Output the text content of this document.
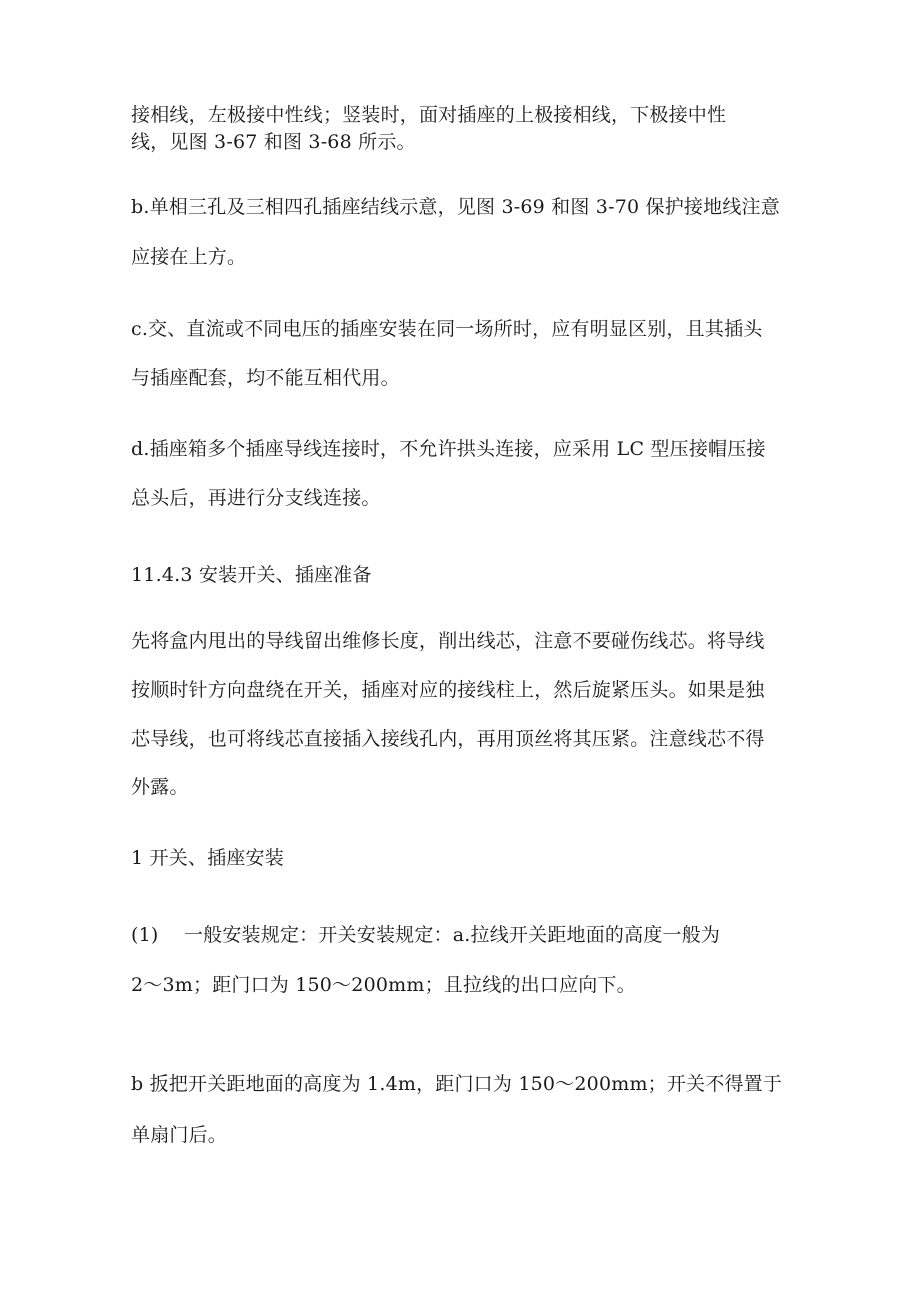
接相线，左极接中性线；竖装时，面对插座的上极接相线，下极接中性
线，见图 3-67 和图 3-68 所示。
b.单相三孔及三相四孔插座结线示意，见图 3-69 和图 3-70 保护接地线注意
应接在上方。
c.交、直流或不同电压的插座安装在同一场所时，应有明显区别，且其插头
与插座配套，均不能互相代用。
d.插座箱多个插座导线连接时，不允许拱头连接，应采用 LC 型压接帽压接
总头后，再进行分支线连接。
11.4.3 安装开关、插座准备
先将盒内甩出的导线留出维修长度，削出线芯，注意不要碰伤线芯。将导线
按顺时针方向盘绕在开关，插座对应的接线柱上，然后旋紧压头。如果是独
芯导线，也可将线芯直接插入接线孔内，再用顶丝将其压紧。注意线芯不得
外露。
1 开关、插座安装
(1)　 一般安装规定：开关安装规定：a.拉线开关距地面的高度一般为
2～3m；距门口为 150～200mm；且拉线的出口应向下。
b 扳把开关距地面的高度为 1.4m，距门口为 150～200mm；开关不得置于
单扇门后。
